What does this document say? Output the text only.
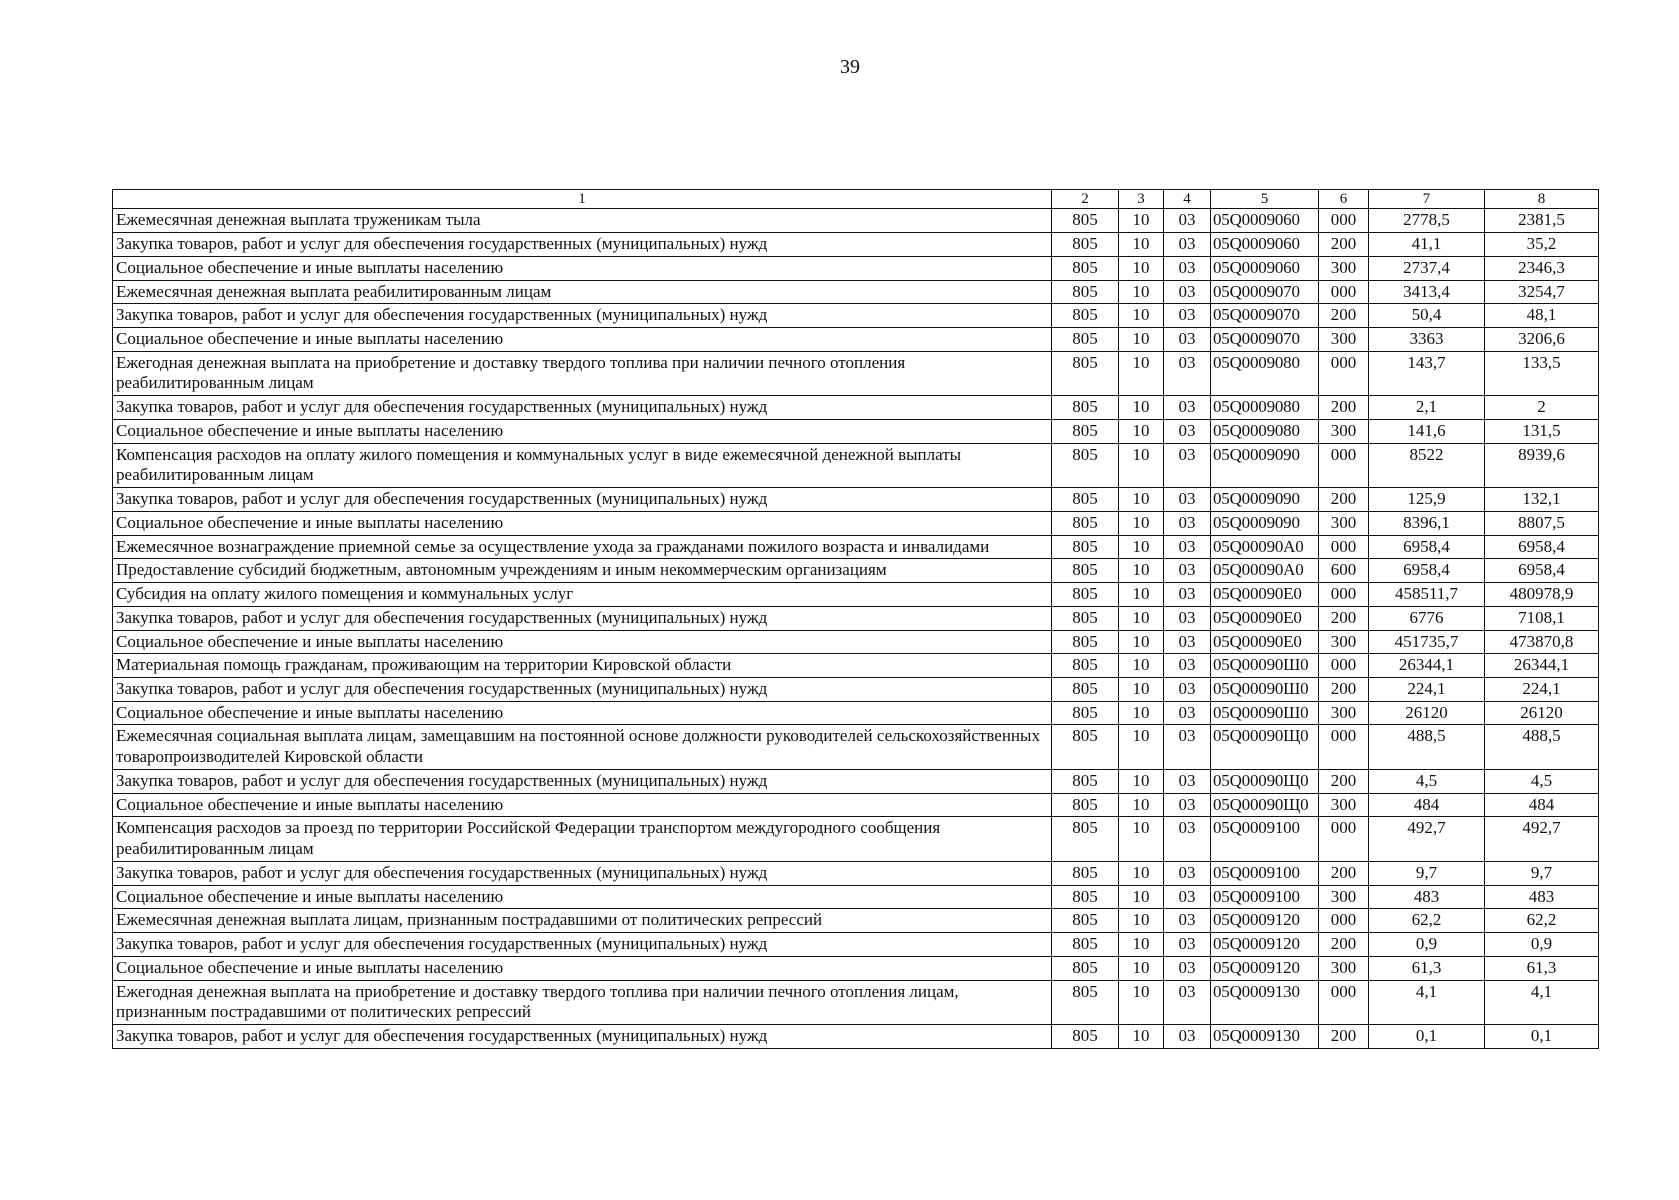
39
1	2	3	4	5	6	7	8
Ежемесячная денежная выплата труженикам тыла	805	10	03	05Q0009060	000	2778,5	2381,5
Закупка товаров, работ и услуг для обеспечения государственных (муниципальных) нужд	805	10	03	05Q0009060	200	41,1	35,2
Социальное обеспечение и иные выплаты населению	805	10	03	05Q0009060	300	2737,4	2346,3
Ежемесячная денежная выплата реабилитированным лицам	805	10	03	05Q0009070	000	3413,4	3254,7
Закупка товаров, работ и услуг для обеспечения государственных (муниципальных) нужд	805	10	03	05Q0009070	200	50,4	48,1
Социальное обеспечение и иные выплаты населению	805	10	03	05Q0009070	300	3363	3206,6
Ежегодная денежная выплата на приобретение и доставку твердого топлива при наличии печного отопления реабилитированным лицам	805	10	03	05Q0009080	000	143,7	133,5
Закупка товаров, работ и услуг для обеспечения государственных (муниципальных) нужд	805	10	03	05Q0009080	200	2,1	2
Социальное обеспечение и иные выплаты населению	805	10	03	05Q0009080	300	141,6	131,5
Компенсация расходов на оплату жилого помещения и коммунальных услуг в виде ежемесячной денежной выплаты реабилитированным лицам	805	10	03	05Q0009090	000	8522	8939,6
Закупка товаров, работ и услуг для обеспечения государственных (муниципальных) нужд	805	10	03	05Q0009090	200	125,9	132,1
Социальное обеспечение и иные выплаты населению	805	10	03	05Q0009090	300	8396,1	8807,5
Ежемесячное вознаграждение приемной семье за осуществление ухода за гражданами пожилого возраста и инвалидами	805	10	03	05Q00090A0	000	6958,4	6958,4
Предоставление субсидий бюджетным, автономным учреждениям и иным некоммерческим организациям	805	10	03	05Q00090A0	600	6958,4	6958,4
Субсидия на оплату жилого помещения и коммунальных услуг	805	10	03	05Q00090E0	000	458511,7	480978,9
Закупка товаров, работ и услуг для обеспечения государственных (муниципальных) нужд	805	10	03	05Q00090E0	200	6776	7108,1
Социальное обеспечение и иные выплаты населению	805	10	03	05Q00090E0	300	451735,7	473870,8
Материальная помощь гражданам, проживающим на территории Кировской области	805	10	03	05Q00090Ш0	000	26344,1	26344,1
Закупка товаров, работ и услуг для обеспечения государственных (муниципальных) нужд	805	10	03	05Q00090Ш0	200	224,1	224,1
Социальное обеспечение и иные выплаты населению	805	10	03	05Q00090Ш0	300	26120	26120
Ежемесячная социальная выплата лицам, замещавшим на постоянной основе должности руководителей сельскохозяйственных товаропроизводителей Кировской области	805	10	03	05Q00090Щ0	000	488,5	488,5
Закупка товаров, работ и услуг для обеспечения государственных (муниципальных) нужд	805	10	03	05Q00090Щ0	200	4,5	4,5
Социальное обеспечение и иные выплаты населению	805	10	03	05Q00090Щ0	300	484	484
Компенсация расходов за проезд по территории Российской Федерации транспортом междугородного сообщения реабилитированным лицам	805	10	03	05Q0009100	000	492,7	492,7
Закупка товаров, работ и услуг для обеспечения государственных (муниципальных) нужд	805	10	03	05Q0009100	200	9,7	9,7
Социальное обеспечение и иные выплаты населению	805	10	03	05Q0009100	300	483	483
Ежемесячная денежная выплата лицам, признанным пострадавшими от политических репрессий	805	10	03	05Q0009120	000	62,2	62,2
Закупка товаров, работ и услуг для обеспечения государственных (муниципальных) нужд	805	10	03	05Q0009120	200	0,9	0,9
Социальное обеспечение и иные выплаты населению	805	10	03	05Q0009120	300	61,3	61,3
Ежегодная денежная выплата на приобретение и доставку твердого топлива при наличии печного отопления лицам, признанным пострадавшими от политических репрессий	805	10	03	05Q0009130	000	4,1	4,1
Закупка товаров, работ и услуг для обеспечения государственных (муниципальных) нужд	805	10	03	05Q0009130	200	0,1	0,1
